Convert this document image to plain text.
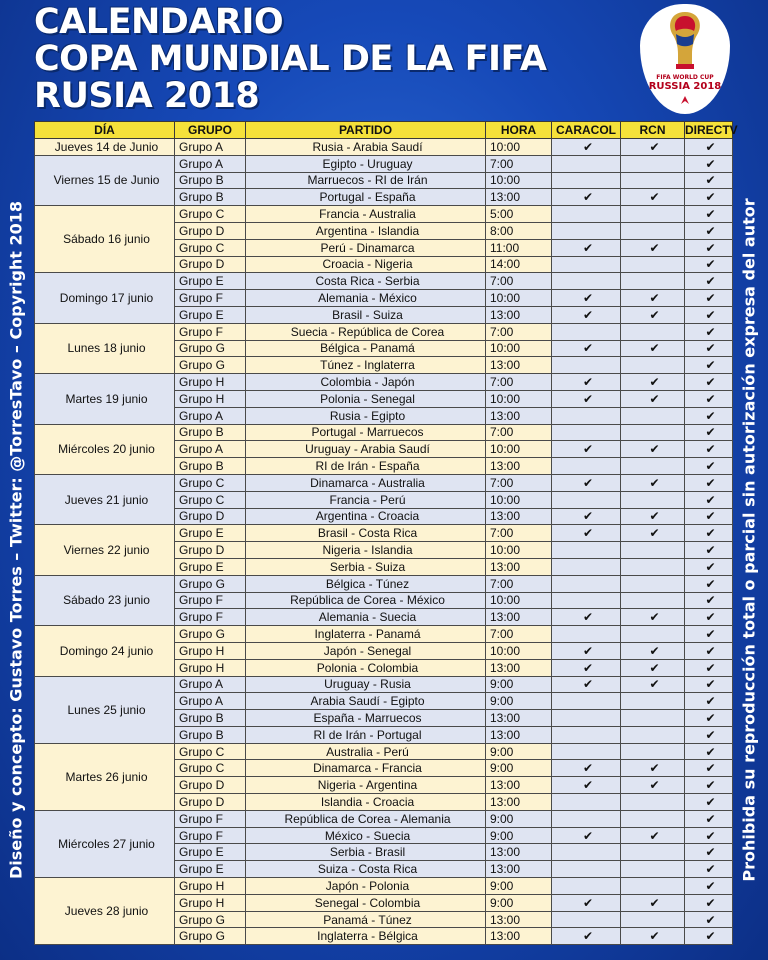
CALENDARIO
COPA MUNDIAL DE LA FIFA
RUSIA 2018	FIFA WORLD CUP
RUSSIA 2018
Diseño y concepto: Gustavo Torres – Twitter: @TorresTavo – Copyright 2018	Prohibida su reproducción total o parcial sin autorización expresa del autor
DÍA	GRUPO	PARTIDO	HORA	CARACOL	RCN	DIRECTV
Jueves 14 de Junio	Grupo A	Rusia - Arabia Saudí	10:00	✔	✔	✔
Viernes 15 de Junio	Grupo A	Egipto - Uruguay	7:00			✔
	Grupo B	Marruecos - RI de Irán	10:00			✔
	Grupo B	Portugal - España	13:00	✔	✔	✔
Sábado 16 junio	Grupo C	Francia - Australia	5:00			✔
	Grupo D	Argentina - Islandia	8:00			✔
	Grupo C	Perú - Dinamarca	11:00	✔	✔	✔
	Grupo D	Croacia - Nigeria	14:00			✔
Domingo 17 junio	Grupo E	Costa Rica - Serbia	7:00			✔
	Grupo F	Alemania - México	10:00	✔	✔	✔
	Grupo E	Brasil - Suiza	13:00	✔	✔	✔
Lunes 18 junio	Grupo F	Suecia - República de Corea	7:00			✔
	Grupo G	Bélgica - Panamá	10:00	✔	✔	✔
	Grupo G	Túnez - Inglaterra	13:00			✔
Martes 19 junio	Grupo H	Colombia - Japón	7:00	✔	✔	✔
	Grupo H	Polonia - Senegal	10:00	✔	✔	✔
	Grupo A	Rusia - Egipto	13:00			✔
Miércoles 20 junio	Grupo B	Portugal - Marruecos	7:00			✔
	Grupo A	Uruguay - Arabia Saudí	10:00	✔	✔	✔
	Grupo B	RI de Irán - España	13:00			✔
Jueves 21 junio	Grupo C	Dinamarca - Australia	7:00	✔	✔	✔
	Grupo C	Francia - Perú	10:00			✔
	Grupo D	Argentina - Croacia	13:00	✔	✔	✔
Viernes 22 junio	Grupo E	Brasil - Costa Rica	7:00	✔	✔	✔
	Grupo D	Nigeria - Islandia	10:00			✔
	Grupo E	Serbia - Suiza	13:00			✔
Sábado 23 junio	Grupo G	Bélgica - Túnez	7:00			✔
	Grupo F	República de Corea - México	10:00			✔
	Grupo F	Alemania - Suecia	13:00	✔	✔	✔
Domingo 24 junio	Grupo G	Inglaterra - Panamá	7:00			✔
	Grupo H	Japón - Senegal	10:00	✔	✔	✔
	Grupo H	Polonia - Colombia	13:00	✔	✔	✔
Lunes 25 junio	Grupo A	Uruguay - Rusia	9:00	✔	✔	✔
	Grupo A	Arabia Saudí - Egipto	9:00			✔
	Grupo B	España - Marruecos	13:00			✔
	Grupo B	RI de Irán - Portugal	13:00			✔
Martes 26 junio	Grupo C	Australia - Perú	9:00			✔
	Grupo C	Dinamarca - Francia	9:00	✔	✔	✔
	Grupo D	Nigeria - Argentina	13:00	✔	✔	✔
	Grupo D	Islandia - Croacia	13:00			✔
Miércoles 27 junio	Grupo F	República de Corea - Alemania	9:00			✔
	Grupo F	México - Suecia	9:00	✔	✔	✔
	Grupo E	Serbia - Brasil	13:00			✔
	Grupo E	Suiza - Costa Rica	13:00			✔
Jueves 28 junio	Grupo H	Japón - Polonia	9:00			✔
	Grupo H	Senegal - Colombia	9:00	✔	✔	✔
	Grupo G	Panamá - Túnez	13:00			✔
	Grupo G	Inglaterra - Bélgica	13:00	✔	✔	✔
